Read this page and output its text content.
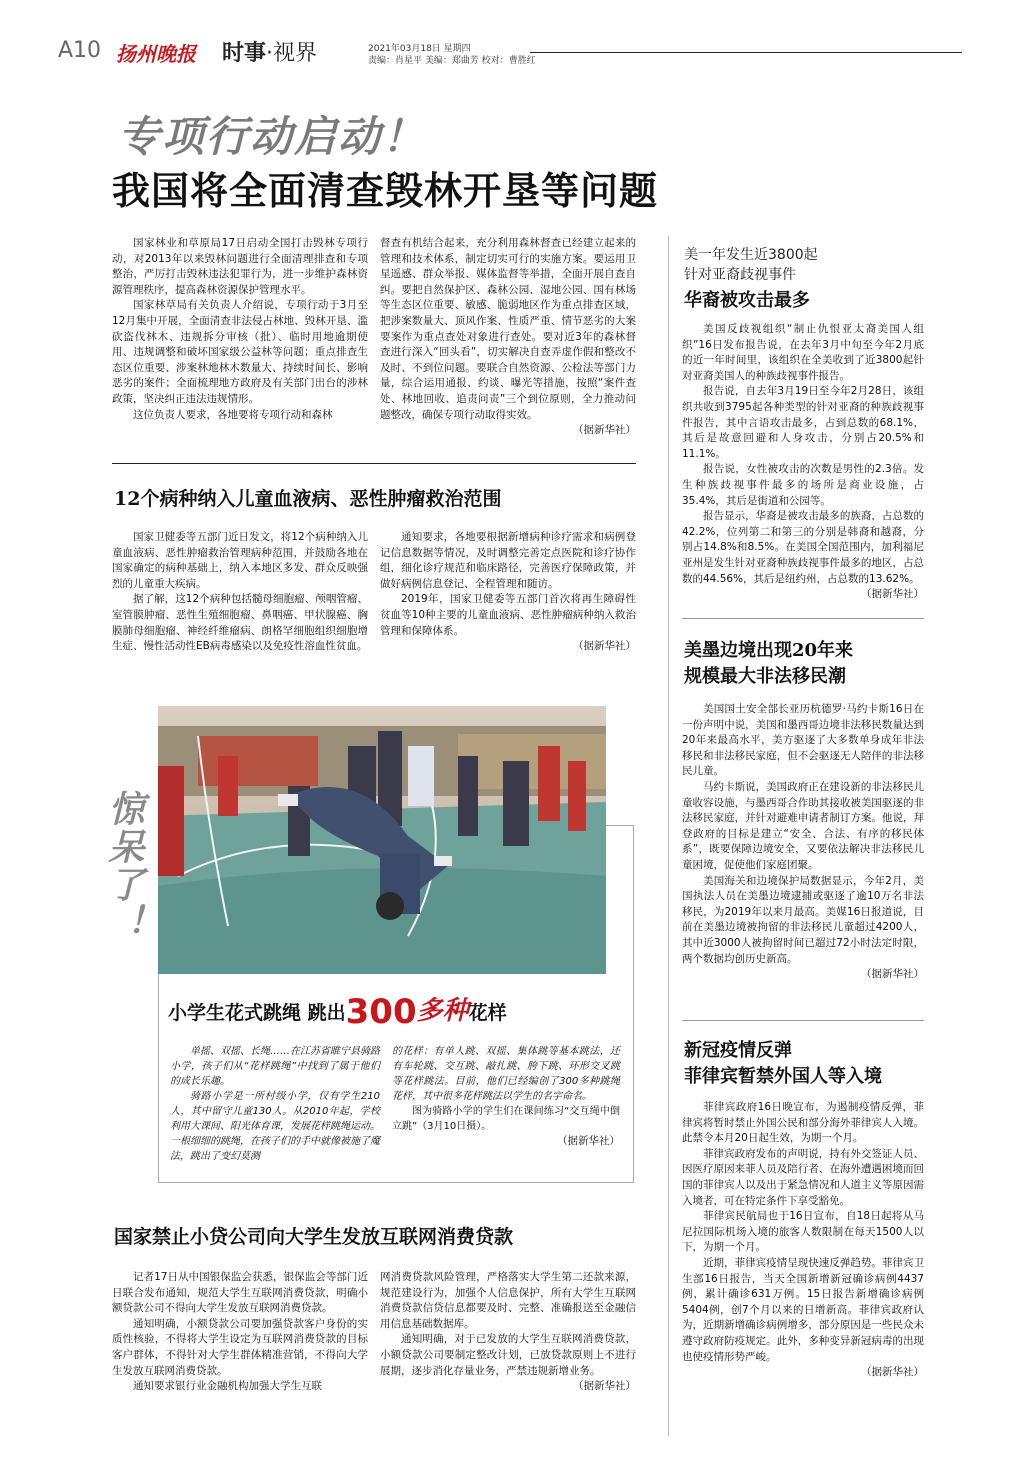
A10 扬州晚报 时事·视界	2021年03月18日 星期四
责编：肖星平 美编：郑曲芳 校对：曹胜红
专项行动启动！
我国将全面清查毁林开垦等问题

国家林业和草原局17日启动全国打击毁林专项行动，对2013年以来毁林问题进行全面清理排查和专项整治，严厉打击毁林违法犯罪行为，进一步维护森林资源管理秩序，提高森林资源保护管理水平。

国家林草局有关负责人介绍说，专项行动于3月至12月集中开展，全面清查非法侵占林地、毁林开垦、滥砍盗伐林木、违规拆分审核（批）、临时用地逾期使用、违规调整和破坏国家级公益林等问题；重点排查生态区位重要、涉案林地林木数量大、持续时间长、影响恶劣的案件；全面梳理地方政府及有关部门出台的涉林政策，坚决纠正违法违规情形。

这位负责人要求，各地要将专项行动和森林

督查有机结合起来，充分利用森林督查已经建立起来的管理和技术体系，制定切实可行的实施方案。要运用卫星遥感、群众举报、媒体监督等举措，全面开展自查自纠。要把自然保护区、森林公园、湿地公园、国有林场等生态区位重要、敏感、脆弱地区作为重点排查区域，把涉案数量大、顶风作案、性质严重、情节恶劣的大案要案作为重点查处对象进行查处。要对近3年的森林督查进行深入“回头看”，切实解决自查弄虚作假和整改不及时、不到位问题。要联合自然资源、公检法等部门力量，综合运用通报、约谈、曝光等措施，按照“案件查处、林地回收、追责问责”三个到位原则，全力推动问题整改，确保专项行动取得实效。

（据新华社）

12个病种纳入儿童血液病、恶性肿瘤救治范围

国家卫健委等五部门近日发文，将12个病种纳入儿童血液病、恶性肿瘤救治管理病种范围，并鼓励各地在国家确定的病种基础上，纳入本地区多发、群众反映强烈的儿童重大疾病。

据了解，这12个病种包括髓母细胞瘤、颅咽管瘤、室管膜肿瘤、恶性生殖细胞瘤、鼻咽癌、甲状腺癌、胸膜肺母细胞瘤、神经纤维瘤病、朗格罕细胞组织细胞增生症、慢性活动性EB病毒感染以及免疫性溶血性贫血。

通知要求，各地要根据新增病种诊疗需求和病例登记信息数据等情况，及时调整完善定点医院和诊疗协作组，细化诊疗规范和临床路径，完善医疗保障政策，并做好病例信息登记、全程管理和随访。

2019年，国家卫健委等五部门首次将再生障碍性贫血等10种主要的儿童血液病、恶性肿瘤病种纳入救治管理和保障体系。

（据新华社）

惊呆了！
小学生花式跳绳 跳出300多种花样

单摇、双摇、长绳……在江苏省睢宁县骑路小学，孩子们从“花样跳绳”中找到了属于他们的成长乐趣。

骑路小学是一所村级小学，仅有学生210人，其中留守儿童130人。从2010年起，学校利用大课间、阳光体育课，发展花样跳绳运动。一根细细的跳绳，在孩子们的手中就像被施了魔法，跳出了变幻莫测

的花样：有单人跳、双摇、集体跳等基本跳法，还有车轮跳、交互跳、敲扎跳、胯下跳、环形交叉跳等花样跳法。目前，他们已经编创了300多种跳绳花样，其中很多花样跳法以学生的名字命名。

图为骑路小学的学生们在课间练习“交互绳中倒立跳”（3月10日摄）。

（据新华社）

国家禁止小贷公司向大学生发放互联网消费贷款

记者17日从中国银保监会获悉，银保监会等部门近日联合发布通知，规范大学生互联网消费贷款，明确小额贷款公司不得向大学生发放互联网消费贷款。

通知明确，小额贷款公司要加强贷款客户身份的实质性核验，不得将大学生设定为互联网消费贷款的目标客户群体，不得针对大学生群体精准营销，不得向大学生发放互联网消费贷款。

通知要求银行业金融机构加强大学生互联

网消费贷款风险管理，严格落实大学生第二还款来源，规范建设行为，加强个人信息保护，所有大学生互联网消费贷款信贷信息都要及时、完整、准确报送至金融信用信息基础数据库。

通知明确，对于已发放的大学生互联网消费贷款，小额贷款公司要制定整改计划，已放贷款原则上不进行展期，逐步消化存量业务，严禁违规新增业务。

（据新华社）

美一年发生近3800起
针对亚裔歧视事件
华裔被攻击最多

美国反歧视组织“制止仇恨亚太裔美国人组织”16日发布报告说，在去年3月中旬至今年2月底的近一年时间里，该组织在全美收到了近3800起针对亚裔美国人的种族歧视事件报告。

报告说，自去年3月19日至今年2月28日，该组织共收到3795起各种类型的针对亚裔的种族歧视事件报告，其中言语攻击最多，占到总数的68.1%，其后是故意回避和人身攻击，分别占20.5%和11.1%。

报告说，女性被攻击的次数是男性的2.3倍。发生种族歧视事件最多的场所是商业设施，占35.4%，其后是街道和公园等。

报告显示，华裔是被攻击最多的族裔，占总数的42.2%，位列第二和第三的分别是韩裔和越裔，分别占14.8%和8.5%。在美国全国范围内，加利福尼亚州是发生针对亚裔种族歧视事件最多的地区，占总数的44.56%，其后是纽约州，占总数的13.62%。

（据新华社）

美墨边境出现20年来
规模最大非法移民潮

美国国土安全部长亚历杭德罗·马约卡斯16日在一份声明中说，美国和墨西哥边境非法移民数量达到20年来最高水平，美方驱逐了大多数单身成年非法移民和非法移民家庭，但不会驱逐无人陪伴的非法移民儿童。

马约卡斯说，美国政府正在建设新的非法移民儿童收容设施，与墨西哥合作助其接收被美国驱逐的非法移民家庭，并针对避难申请者制订方案。他说，拜登政府的目标是建立“安全、合法、有序的移民体系”，既要保障边境安全，又要依法解决非法移民儿童困境，促使他们家庭团聚。

美国海关和边境保护局数据显示，今年2月，美国执法人员在美墨边境逮捕或驱逐了逾10万名非法移民，为2019年以来月最高。美媒16日报道说，目前在美墨边境被拘留的非法移民儿童超过4200人，其中近3000人被拘留时间已超过72小时法定时限，两个数据均创历史新高。

（据新华社）

新冠疫情反弹
菲律宾暂禁外国人等入境

菲律宾政府16日晚宣布，为遏制疫情反弹，菲律宾将暂时禁止外国公民和部分海外菲律宾人入境。此禁令本月20日起生效，为期一个月。

菲律宾政府发布的声明说，持有外交签证人员、因医疗原因来菲人员及陪行者、在海外遭遇困境而回国的菲律宾人以及出于紧急情况和人道主义等原因需入境者，可在特定条件下享受豁免。

菲律宾民航局也于16日宣布，自18日起将从马尼拉国际机场入境的旅客人数限制在每天1500人以下，为期一个月。

近期，菲律宾疫情呈现快速反弹趋势。菲律宾卫生部16日报告，当天全国新增新冠确诊病例4437例，累计确诊631万例。15日报告新增确诊病例5404例，创7个月以来的日增新高。菲律宾政府认为，近期新增确诊病例增多，部分原因是一些民众未遵守政府防疫规定。此外，多种变异新冠病毒的出现也使疫情形势严峻。

（据新华社）
